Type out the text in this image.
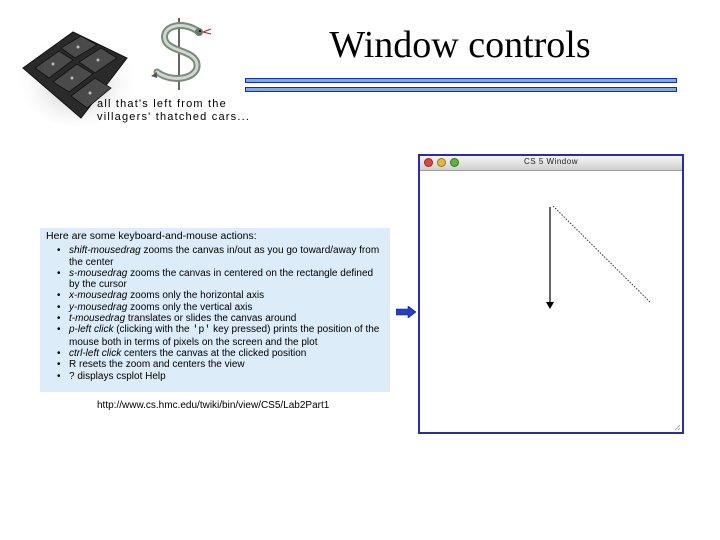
Window controls
all that's left from the
villagers' thatched cars...
Here are some keyboard-and-mouse actions:
• shift-mousedrag zooms the canvas in/out as you go toward/away from the center
• s-mousedrag zooms the canvas in centered on the rectangle defined by the cursor
• x-mousedrag zooms only the horizontal axis
• y-mousedrag zooms only the vertical axis
• t-mousedrag translates or slides the canvas around
• p-left click (clicking with the 'p' key pressed) prints the position of the mouse both in terms of pixels on the screen and the plot
• ctrl-left click centers the canvas at the clicked position
• R resets the zoom and centers the view
• ? displays csplot Help
http://www.cs.hmc.edu/twiki/bin/view/CS5/Lab2Part1
CS 5 Window
